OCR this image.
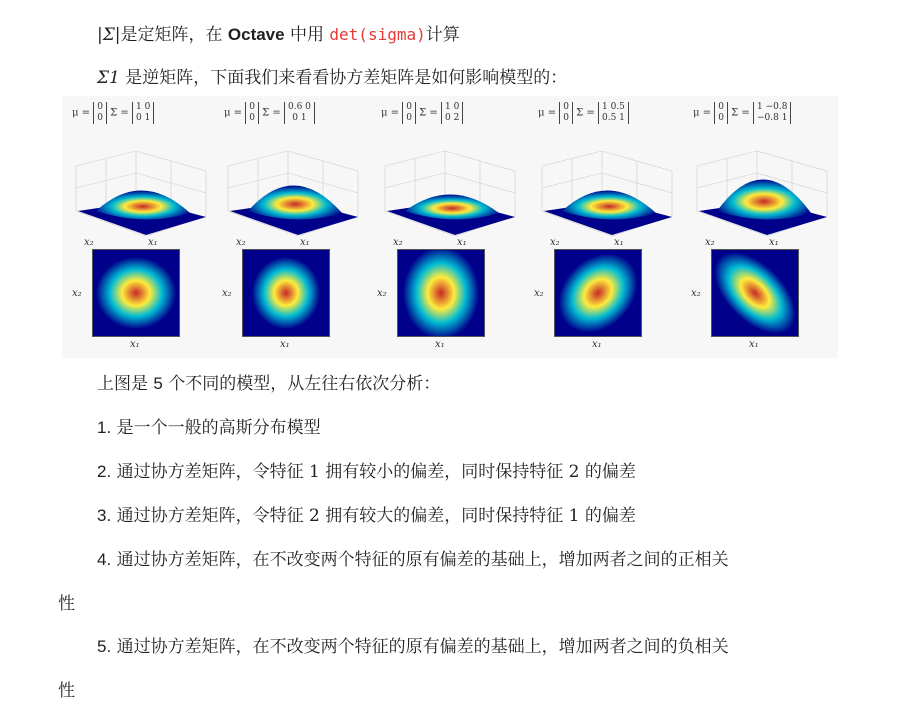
|Σ|是定矩阵，在 Octave 中用 det(sigma)计算
Σ1 是逆矩阵，下面我们来看看协方差矩阵是如何影响模型的：
μ = 0
0 Σ = 1 0
0 1
x₂	x₁
x₂
x₁
μ = 0
0 Σ = 0.6 0
0 1
x₂	x₁
x₂
x₁
μ = 0
0 Σ = 1 0
0 2
x₂	x₁
x₂
x₁
μ = 0
0 Σ = 1 0.5
0.5 1
x₂	x₁
x₂
x₁
μ = 0
0 Σ = 1 −0.8
−0.8 1
x₂	x₁
x₂
x₁
上图是 5 个不同的模型，从左往右依次分析：
1. 是一个一般的高斯分布模型
2. 通过协方差矩阵，令特征 1 拥有较小的偏差，同时保持特征 2 的偏差
3. 通过协方差矩阵，令特征 2 拥有较大的偏差，同时保持特征 1 的偏差
4. 通过协方差矩阵，在不改变两个特征的原有偏差的基础上，增加两者之间的正相关
性
5. 通过协方差矩阵，在不改变两个特征的原有偏差的基础上，增加两者之间的负相关
性
